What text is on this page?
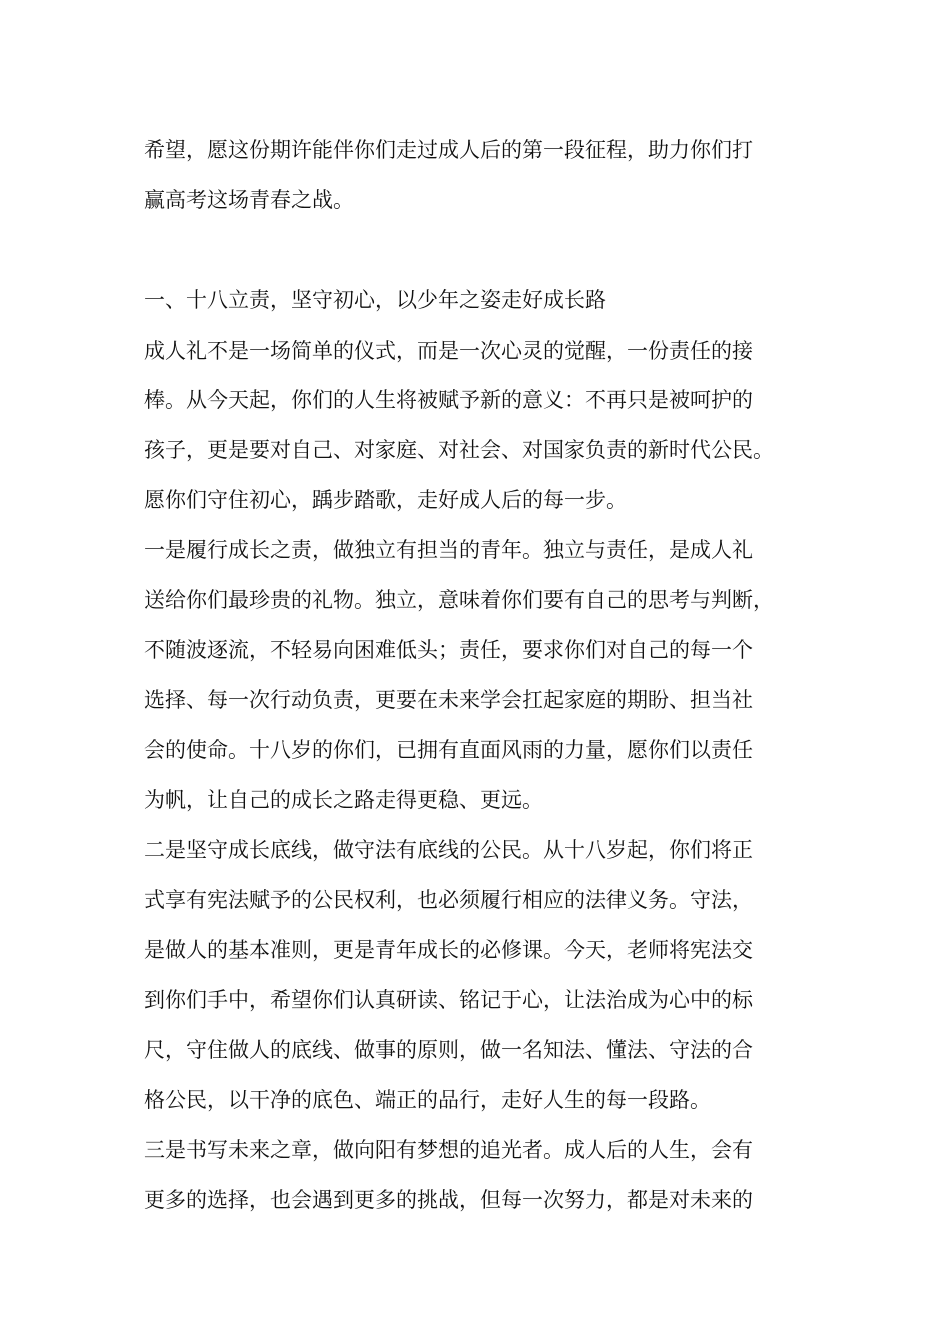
希望，愿这份期许能伴你们走过成人后的第一段征程，助力你们打
赢高考这场青春之战。
一、十八立责，坚守初心，以少年之姿走好成长路
成人礼不是一场简单的仪式，而是一次心灵的觉醒，一份责任的接
棒。从今天起，你们的人生将被赋予新的意义：不再只是被呵护的
孩子，更是要对自己、对家庭、对社会、对国家负责的新时代公民。
愿你们守住初心，踽步踏歌，走好成人后的每一步。
一是履行成长之责，做独立有担当的青年。独立与责任，是成人礼
送给你们最珍贵的礼物。独立，意味着你们要有自己的思考与判断，
不随波逐流，不轻易向困难低头；责任，要求你们对自己的每一个
选择、每一次行动负责，更要在未来学会扛起家庭的期盼、担当社
会的使命。十八岁的你们，已拥有直面风雨的力量，愿你们以责任
为帆，让自己的成长之路走得更稳、更远。
二是坚守成长底线，做守法有底线的公民。从十八岁起，你们将正
式享有宪法赋予的公民权利，也必须履行相应的法律义务。守法，
是做人的基本准则，更是青年成长的必修课。今天，老师将宪法交
到你们手中，希望你们认真研读、铭记于心，让法治成为心中的标
尺，守住做人的底线、做事的原则，做一名知法、懂法、守法的合
格公民，以干净的底色、端正的品行，走好人生的每一段路。
三是书写未来之章，做向阳有梦想的追光者。成人后的人生，会有
更多的选择，也会遇到更多的挑战，但每一次努力，都是对未来的
